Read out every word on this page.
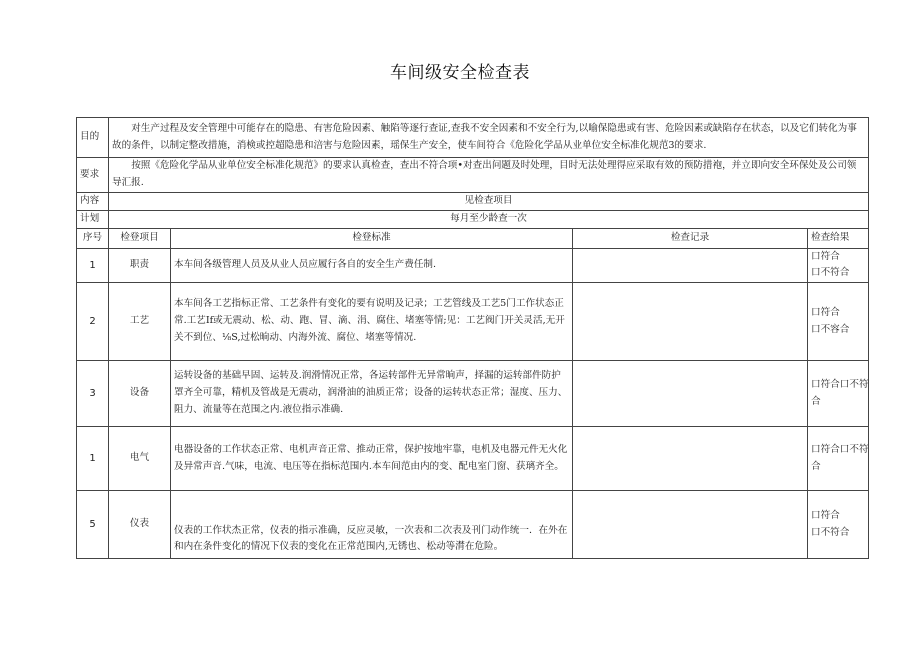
车间级安全检查表
目的	对生产过程及安全管理中可能存在的隐患、有害危险因素、触陷等逐行查证,查我不安全因素和不安全行为,以喻保隐患或有害、危险因素或缺陷存在状态，以及它们转化为事故的条件，以制定整改措施，消検或控超隐患和涪害与危险因素，瑶保生产安全，使车间符合《危险化学品从业单位安全标准化规范3的要求.			
要求	按照《危险化学品从业单位安全标准化规范》的要求认真检查，查出不符合项•对查出问题及时处理，目时无法处理得应采取有效的预防措袍，并立即向安全环保处及公司领导汇报.			
内容	见检查项目			
计划	每月至少龄查一次			
序号	检登项目	检登标准	检查记录	检查给果
1	职责	本车间各级管理人员及从业人员应履行各自的安全生产费任制.		口符合
口不符合

2	工艺	本车间各工艺指标正常、工艺条件有变化的要有说明及记录；工艺管线及工艺5门工作状态正常.工艺If或无震动、松、动、跑、冒、滴、涓、腐住、堵塞等情;见：工艺阀门开关灵活,无开关不到位、⅛S,过松晌动、内海外流、腐位、堵塞等情况.		口符合
口不容合

3	设备	运转设备的基础早固、运转及.润滑情况正常，各运转部件无异常晌声，择漏的运转部件防护罩齐全可靠，精机及管战是无震动，润滑油的油质正常；设备的运转状态正常；湿度、压力、阻力、流量等在范围之内.液位指示准确.		口符合口不符
合

1	电气	电器设备的工作状态正常、电机声音正常、推动正常，保护按地牢靠，电机及电器元件无火化及异常声音.气味，电流、电压等在指标范围内.本车间范由内的变、配电室门窗、获璃齐全。		口符合口不符
合

5	仪表	仪表的工作状杰正常，仪表的指示准确，反应灵敏，一次表和二次表及刊门动作统一．在外在和内在条件变化的情况下仪表的变化在正常范围内,无锈也、松动等潸在危险。		口符合
口不符合
